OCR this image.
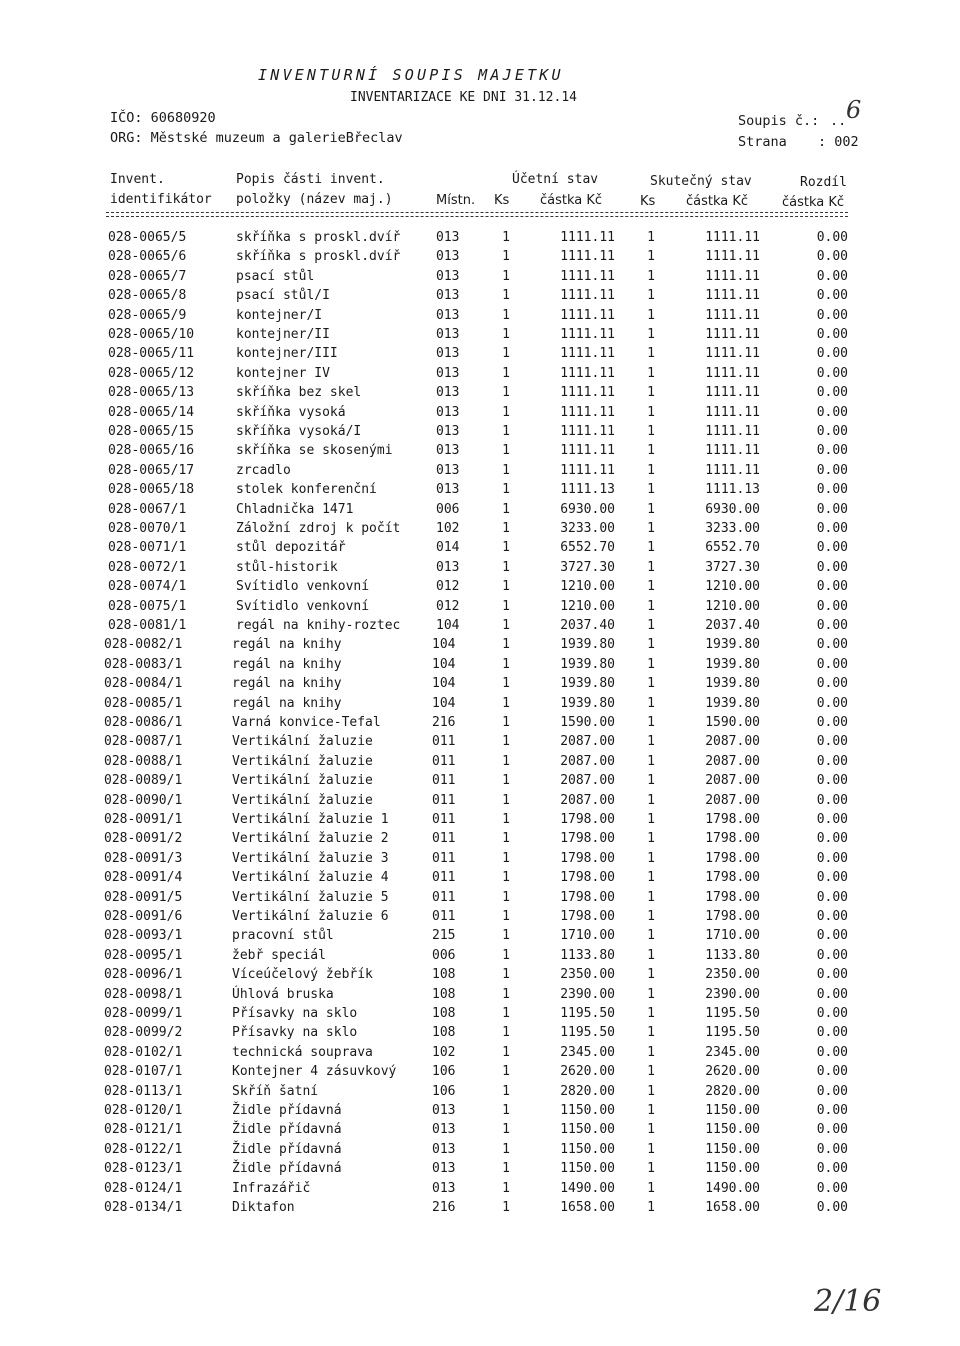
INVENTURNÍ SOUPIS MAJETKU
INVENTARIZACE KE DNI 31.12.14
IČO: 60680920
ORG: Městské muzeum a galerieBřeclav
Soupis č.: .. 6
Strana : 002
Invent.	Popis části invent.	Účetní stav	Skutečný stav	Rozdíl
identifikátor položky (název maj.)	Místn. Ks částka Kč	Ks částka Kč	částka Kč
028-0065/5	skříňka s proskl.dvíř	013	1	1111.11 1	1111.11	0.00
028-0065/6	skříňka s proskl.dvíř	013	1	1111.11 1	1111.11	0.00
028-0065/7	psací stůl	013	1	1111.11 1	1111.11	0.00
028-0065/8	psací stůl/I	013	1	1111.11 1	1111.11	0.00
028-0065/9	kontejner/I	013	1	1111.11 1	1111.11	0.00
028-0065/10	kontejner/II	013	1	1111.11 1	1111.11	0.00
028-0065/11	kontejner/III	013	1	1111.11 1	1111.11	0.00
028-0065/12	kontejner IV	013	1	1111.11 1	1111.11	0.00
028-0065/13	skříňka bez skel	013	1	1111.11 1	1111.11	0.00
028-0065/14	skříňka vysoká	013	1	1111.11 1	1111.11	0.00
028-0065/15	skříňka vysoká/I	013	1	1111.11 1	1111.11	0.00
028-0065/16	skříňka se skosenými	013	1	1111.11 1	1111.11	0.00
028-0065/17	zrcadlo	013	1	1111.11 1	1111.11	0.00
028-0065/18	stolek konferenční	013	1	1111.13 1	1111.13	0.00
028-0067/1	Chladnička 1471	006	1	6930.00 1	6930.00	0.00
028-0070/1	Záložní zdroj k počít	102	1	3233.00 1	3233.00	0.00
028-0071/1	stůl depozitář	014	1	6552.70 1	6552.70	0.00
028-0072/1	stůl-historik	013	1	3727.30 1	3727.30	0.00
028-0074/1	Svítidlo venkovní	012	1	1210.00 1	1210.00	0.00
028-0075/1	Svítidlo venkovní	012	1	1210.00 1	1210.00	0.00
028-0081/1	regál na knihy-roztec	104	1	2037.40 1	2037.40	0.00
028-0082/1	regál na knihy	104	1	1939.80 1	1939.80	0.00
028-0083/1	regál na knihy	104	1	1939.80 1	1939.80	0.00
028-0084/1	regál na knihy	104	1	1939.80 1	1939.80	0.00
028-0085/1	regál na knihy	104	1	1939.80 1	1939.80	0.00
028-0086/1	Varná konvice-Tefal	216	1	1590.00 1	1590.00	0.00
028-0087/1	Vertikální žaluzie	011	1	2087.00 1	2087.00	0.00
028-0088/1	Vertikální žaluzie	011	1	2087.00 1	2087.00	0.00
028-0089/1	Vertikální žaluzie	011	1	2087.00 1	2087.00	0.00
028-0090/1	Vertikální žaluzie	011	1	2087.00 1	2087.00	0.00
028-0091/1	Vertikální žaluzie 1	011	1	1798.00 1	1798.00	0.00
028-0091/2	Vertikální žaluzie 2	011	1	1798.00 1	1798.00	0.00
028-0091/3	Vertikální žaluzie 3	011	1	1798.00 1	1798.00	0.00
028-0091/4	Vertikální žaluzie 4	011	1	1798.00 1	1798.00	0.00
028-0091/5	Vertikální žaluzie 5	011	1	1798.00 1	1798.00	0.00
028-0091/6	Vertikální žaluzie 6	011	1	1798.00 1	1798.00	0.00
028-0093/1	pracovní stůl	215	1	1710.00 1	1710.00	0.00
028-0095/1	žebř speciál	006	1	1133.80 1	1133.80	0.00
028-0096/1	Víceúčelový žebřík	108	1	2350.00 1	2350.00	0.00
028-0098/1	Úhlová bruska	108	1	2390.00 1	2390.00	0.00
028-0099/1	Přísavky na sklo	108	1	1195.50 1	1195.50	0.00
028-0099/2	Přísavky na sklo	108	1	1195.50 1	1195.50	0.00
028-0102/1	technická souprava	102	1	2345.00 1	2345.00	0.00
028-0107/1	Kontejner 4 zásuvkový	106	1	2620.00 1	2620.00	0.00
028-0113/1	Skříň šatní	106	1	2820.00 1	2820.00	0.00
028-0120/1	Židle přídavná	013	1	1150.00 1	1150.00	0.00
028-0121/1	Židle přídavná	013	1	1150.00 1	1150.00	0.00
028-0122/1	Židle přídavná	013	1	1150.00 1	1150.00	0.00
028-0123/1	Židle přídavná	013	1	1150.00 1	1150.00	0.00
028-0124/1	Infrazářič	013	1	1490.00 1	1490.00	0.00
028-0134/1	Diktafon	216	1	1658.00 1	1658.00	0.00
2/16
